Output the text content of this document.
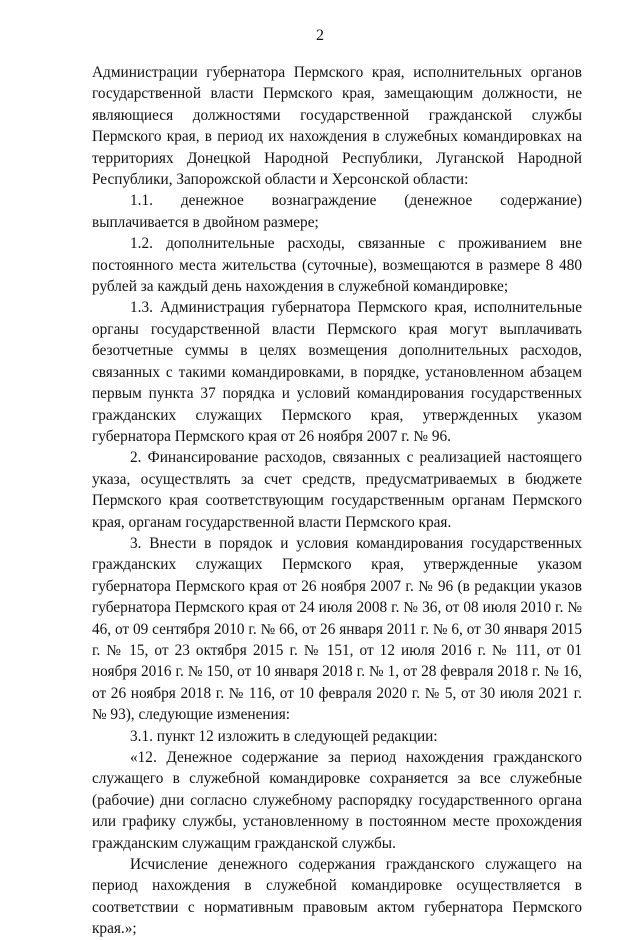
2

Администрации губернатора Пермского края, исполнительных органов государственной власти Пермского края, замещающим должности, не являющиеся должностями государственной гражданской службы Пермского края, в период их нахождения в служебных командировках на территориях Донецкой Народной Республики, Луганской Народной Республики, Запорожской области и Херсонской области:

1.1. денежное вознаграждение (денежное содержание) выплачивается в двойном размере;

1.2. дополнительные расходы, связанные с проживанием вне постоянного места жительства (суточные), возмещаются в размере 8 480 рублей за каждый день нахождения в служебной командировке;

1.3. Администрация губернатора Пермского края, исполнительные органы государственной власти Пермского края могут выплачивать безотчетные суммы в целях возмещения дополнительных расходов, связанных с такими командировками, в порядке, установленном абзацем первым пункта 37 порядка и условий командирования государственных гражданских служащих Пермского края, утвержденных указом губернатора Пермского края от 26 ноября 2007 г. № 96.

2. Финансирование расходов, связанных с реализацией настоящего указа, осуществлять за счет средств, предусматриваемых в бюджете Пермского края соответствующим государственным органам Пермского края, органам государственной власти Пермского края.

3. Внести в порядок и условия командирования государственных гражданских служащих Пермского края, утвержденные указом губернатора Пермского края от 26 ноября 2007 г. № 96 (в редакции указов губернатора Пермского края от 24 июля 2008 г. № 36, от 08 июля 2010 г. № 46, от 09 сентября 2010 г. № 66, от 26 января 2011 г. № 6, от 30 января 2015 г. № 15, от 23 октября 2015 г. № 151, от 12 июля 2016 г. № 111, от 01 ноября 2016 г. № 150, от 10 января 2018 г. № 1, от 28 февраля 2018 г. № 16, от 26 ноября 2018 г. № 116, от 10 февраля 2020 г. № 5, от 30 июля 2021 г. № 93), следующие изменения:

3.1. пункт 12 изложить в следующей редакции:

«12. Денежное содержание за период нахождения гражданского служащего в служебной командировке сохраняется за все служебные (рабочие) дни согласно служебному распорядку государственного органа или графику службы, установленному в постоянном месте прохождения гражданским служащим гражданской службы.

Исчисление денежного содержания гражданского служащего на период нахождения в служебной командировке осуществляется в соответствии с нормативным правовым актом губернатора Пермского края.»;
